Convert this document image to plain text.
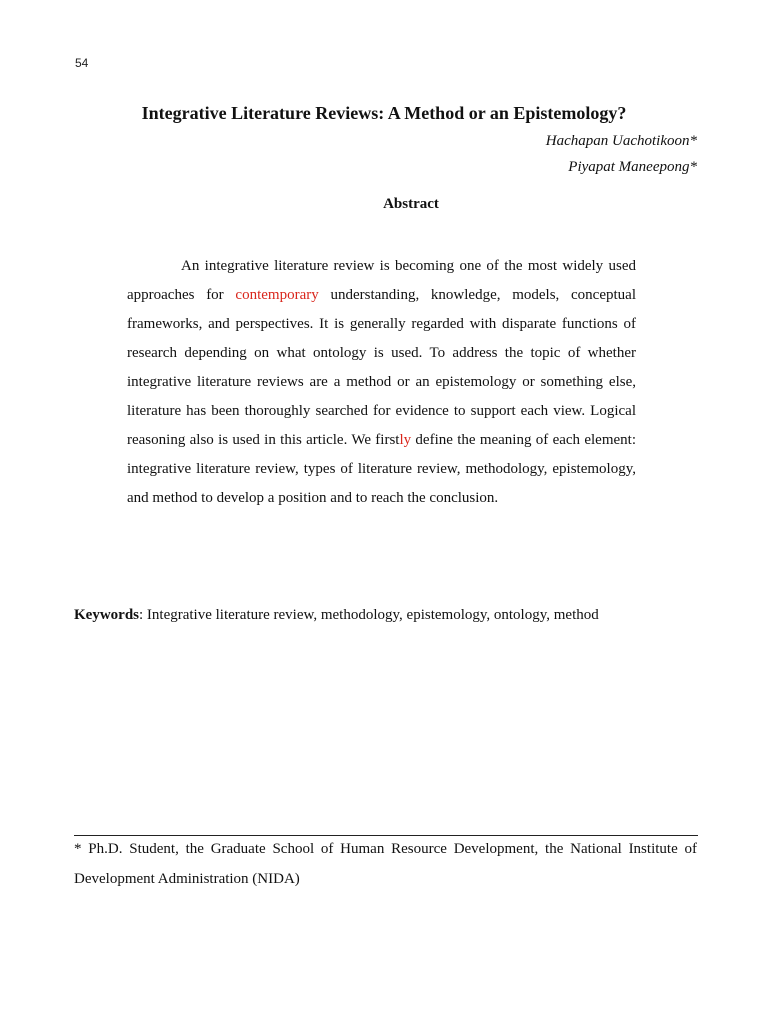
54
Integrative Literature Reviews: A Method or an Epistemology?
Hachapan Uachotikoon*
Piyapat Maneepong*
Abstract

An integrative literature review is becoming one of the most widely used approaches for contemporary understanding, knowledge, models, conceptual frameworks, and perspectives. It is generally regarded with disparate functions of research depending on what ontology is used. To address the topic of whether integrative literature reviews are a method or an epistemology or something else, literature has been thoroughly searched for evidence to support each view. Logical reasoning also is used in this article. We firstly define the meaning of each element: integrative literature review, types of literature review, methodology, epistemology, and method to develop a position and to reach the conclusion.

Keywords: Integrative literature review, methodology, epistemology, ontology, method

* Ph.D. Student, the Graduate School of Human Resource Development, the National Institute of Development Administration (NIDA)
